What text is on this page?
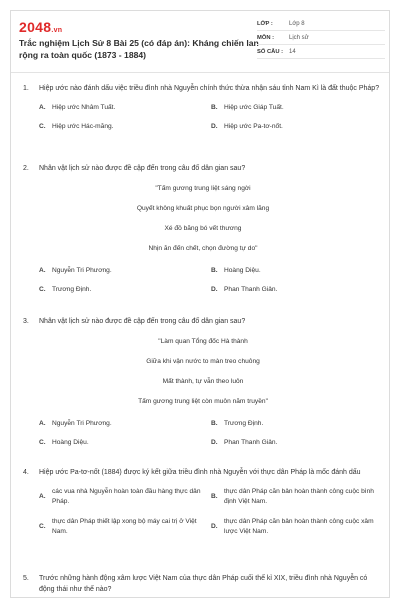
2048.vn
Trắc nghiệm Lịch Sử 8 Bài 25 (có đáp án): Kháng chiến lan rộng ra toàn quốc (1873 - 1884)
LỚP :	Lớp 8
MÔN :	Lịch sử
SỐ CÂU : 14
1.	Hiệp ước nào đánh dấu việc triều đình nhà Nguyễn chính thức thừa nhận sáu tỉnh Nam Kì là đất thuộc Pháp?
A. Hiệp ước Nhâm Tuất.	B. Hiệp ước Giáp Tuất.
C. Hiệp ước Hác-măng.	D. Hiệp ước Pa-tơ-nốt.
2.	Nhân vật lịch sử nào được đề cập đến trong câu đố dân gian sau?
"Tấm gương trung liệt sáng ngời
Quyết không khuất phục bọn người xâm lăng
Xé đồ băng bó vết thương
Nhịn ăn đến chết, chọn đường tự do"
A. Nguyễn Tri Phương.	B. Hoàng Diệu.
C. Trương Định.	D. Phan Thanh Giản.
3.	Nhân vật lịch sử nào được đề cập đến trong câu đố dân gian sau?
"Làm quan Tổng đốc Hà thành
Giữa khi vận nước to màn treo chuông
Mất thành, tự vẫn theo luôn
Tấm gương trung liệt còn muôn năm truyền"
A. Nguyễn Tri Phương.	B. Trương Định.
C. Hoàng Diệu.	D. Phan Thanh Giản.
4.	Hiệp ước Pa-tơ-nốt (1884) được ký kết giữa triều đình nhà Nguyễn với thực dân Pháp là mốc đánh dấu
A.
các vua nhà Nguyễn hoàn toàn đầu hàng thực dân Pháp.
B.
thực dân Pháp căn bản hoàn thành công cuộc bình định Việt Nam.
C.
thực dân Pháp thiết lập xong bộ máy cai trị ở Việt Nam.
D.
thực dân Pháp căn bản hoàn thành công cuộc xâm lược Việt Nam.
5.	Trước những hành động xâm lược Việt Nam của thực dân Pháp cuối thế kỉ XIX, triều đình nhà Nguyễn có động thái như thế nào?
